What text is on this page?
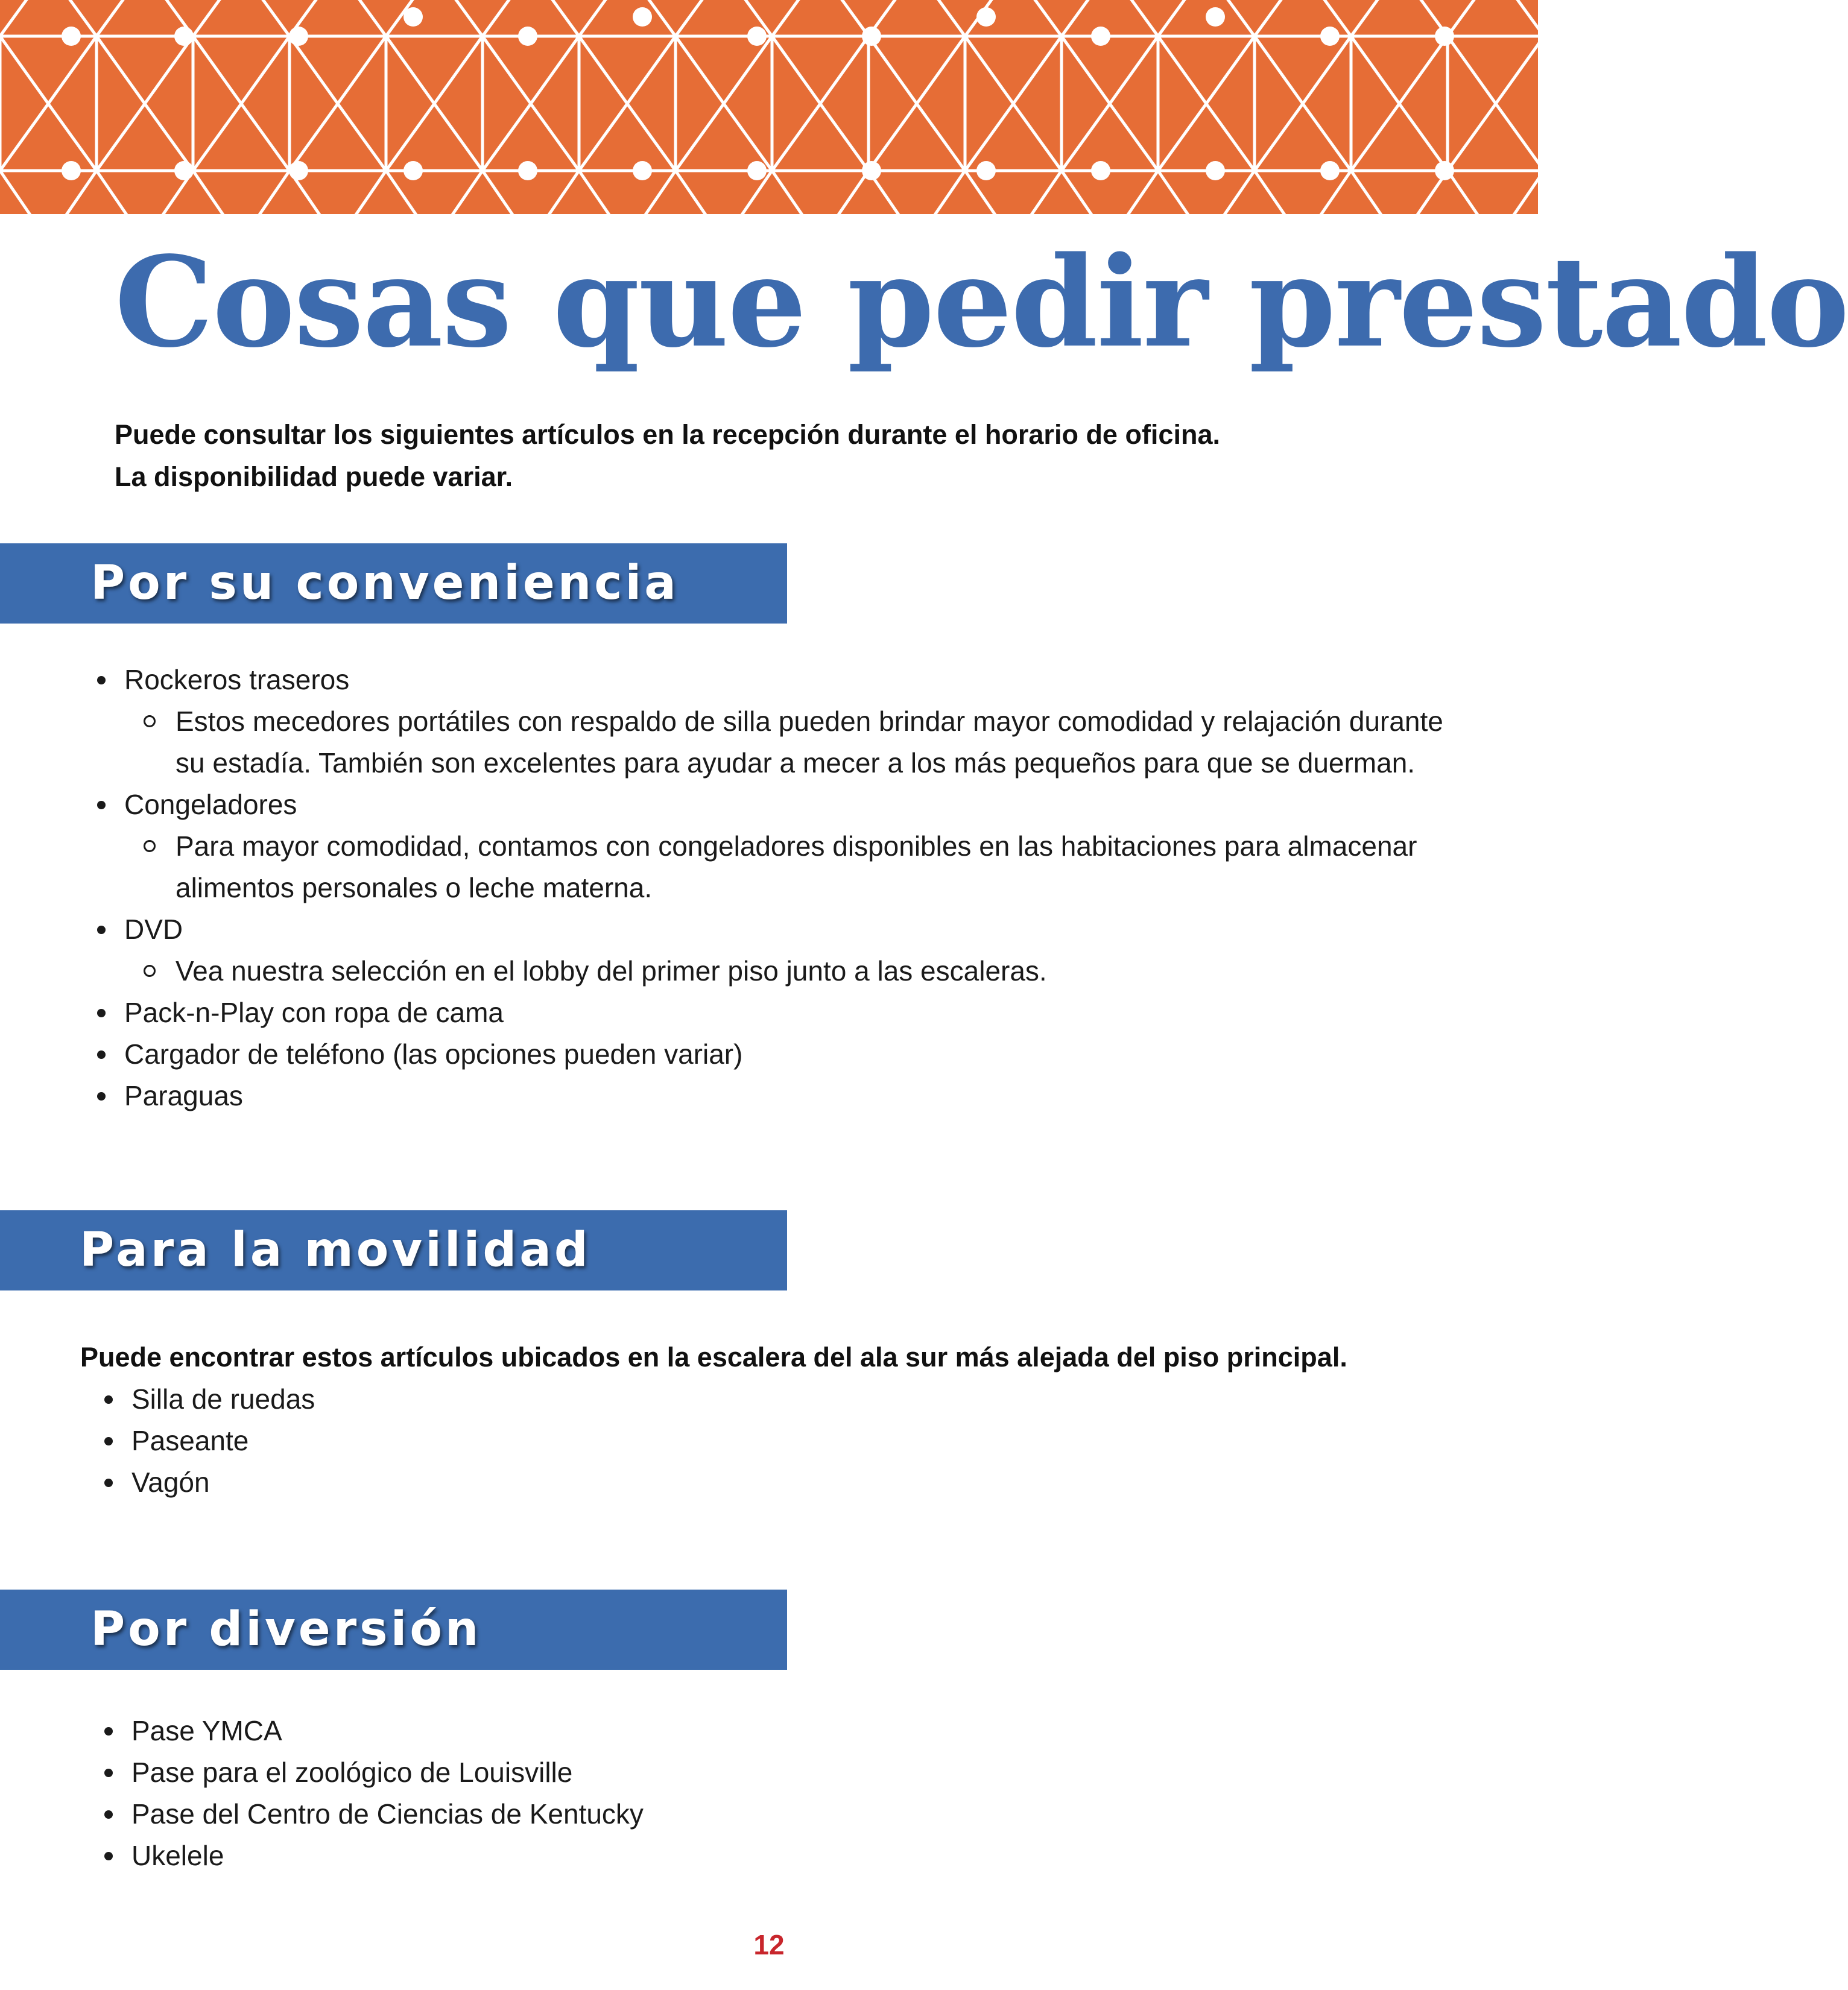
Cosas que pedir prestado

Puede consultar los siguientes artículos en la recepción durante el horario de oficina.
La disponibilidad puede variar.

Por su conveniencia
Rockeros traseros
Estos mecedores portátiles con respaldo de silla pueden brindar mayor comodidad y relajación durante su estadía. También son excelentes para ayudar a mecer a los más pequeños para que se duerman.
Congeladores
Para mayor comodidad, contamos con congeladores disponibles en las habitaciones para almacenar alimentos personales o leche materna.
DVD
Vea nuestra selección en el lobby del primer piso junto a las escaleras.
Pack-n-Play con ropa de cama
Cargador de teléfono (las opciones pueden variar)
Paraguas
Para la movilidad

Puede encontrar estos artículos ubicados en la escalera del ala sur más alejada del piso principal.

Silla de ruedas
Paseante
Vagón
Por diversión
Pase YMCA
Pase para el zoológico de Louisville
Pase del Centro de Ciencias de Kentucky
Ukelele
12
